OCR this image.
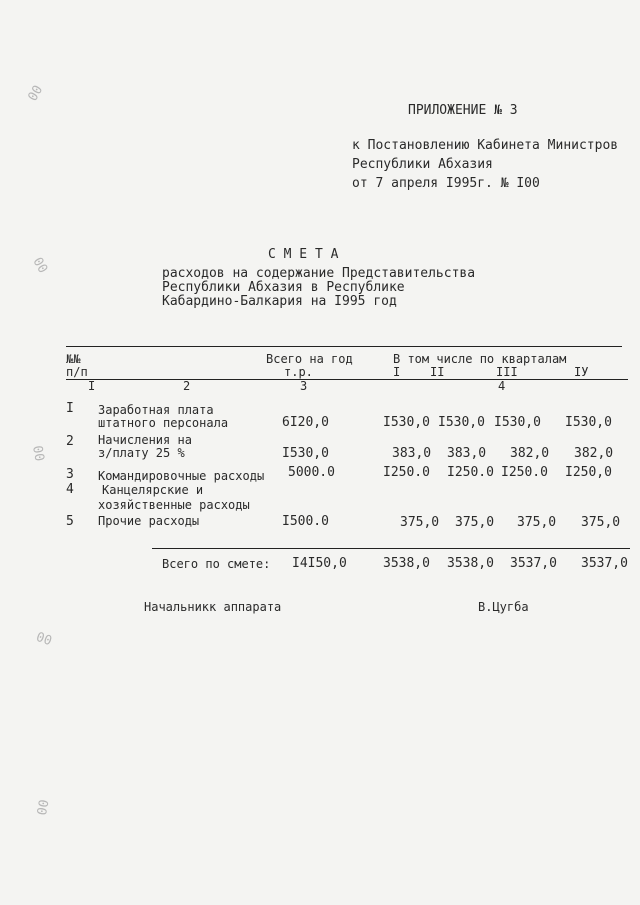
00
00
00
00
00
ПРИЛОЖЕНИЕ № 3
к Постановлению Кабинета Министров
Республики Абхазия
от 7 апреля I995г. № I00
С М Е Т А
расходов на содержание Представительства
Республики Абхазия в Республике
Кабардино-Балкария на I995 год
№№
п/п
Всего на год
т.р.
В том числе по кварталам
I II	III	IУ
I	2	3	4
I Заработная плата
штатного персонала	6I20,0	I530,0 I530,0 I530,0 I530,0
2 Начисления на
з/плату 25 %	I530,0	383,0 383,0 382,0 382,0
3 Командировочные расходы 5000.0	I250.0 I250.0 I250.0 I250,0
4 Канцелярские и
хозяйственные расходы
5 Прочие расходы	I500.0	375,0 375,0 375,0 375,0
Всего по смете: I4I50,0	3538,0 3538,0 3537,0 3537,0
Начальникк аппарата	В.Цугба
